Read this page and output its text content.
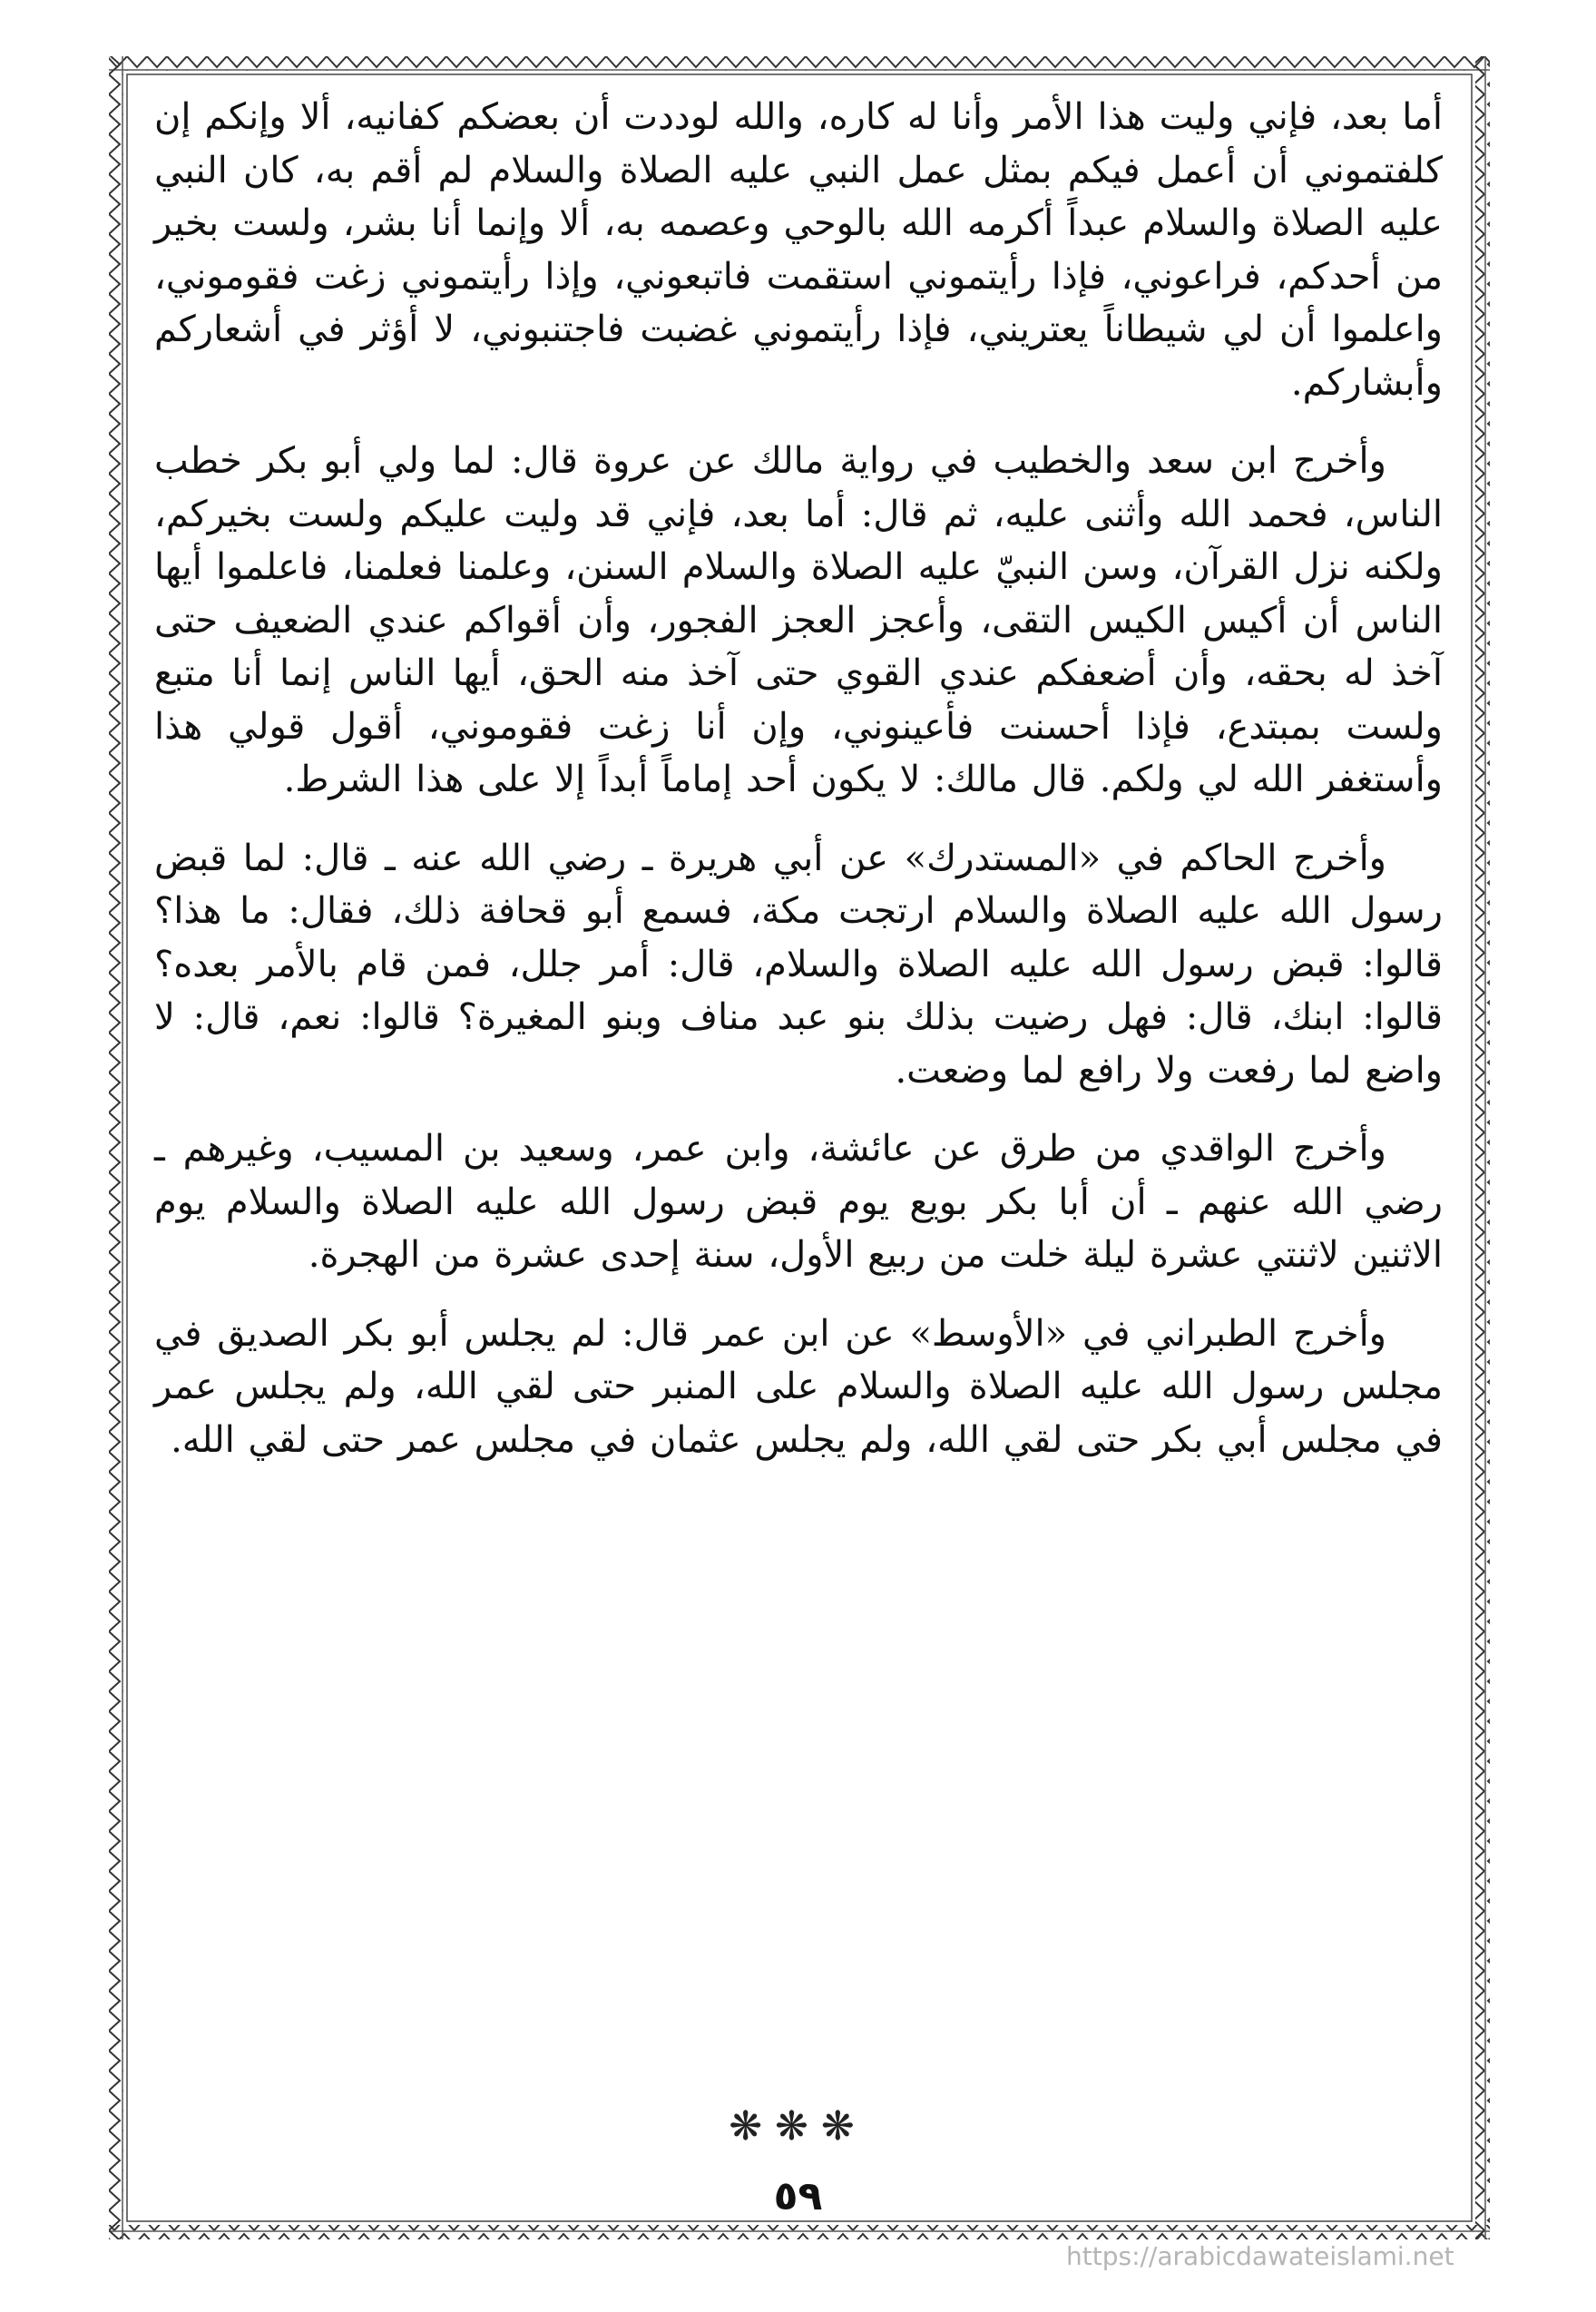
أما بعد، فإني وليت هذا الأمر وأنا له كاره، والله لوددت أن بعضكم كفانيه، ألا وإنكم إن كلفتموني أن أعمل فيكم بمثل عمل النبي عليه الصلاة والسلام لم أقم به، كان النبي عليه الصلاة والسلام عبداً أكرمه الله بالوحي وعصمه به، ألا وإنما أنا بشر، ولست بخير من أحدكم، فراعوني، فإذا رأيتموني استقمت فاتبعوني، وإذا رأيتموني زغت فقوموني، واعلموا أن لي شيطاناً يعتريني، فإذا رأيتموني غضبت فاجتنبوني، لا أؤثر في أشعاركم وأبشاركم.

وأخرج ابن سعد والخطيب في رواية مالك عن عروة قال: لما ولي أبو بكر خطب الناس، فحمد الله وأثنى عليه، ثم قال: أما بعد، فإني قد وليت عليكم ولست بخيركم، ولكنه نزل القرآن، وسن النبيّ عليه الصلاة والسلام السنن، وعلمنا فعلمنا، فاعلموا أيها الناس أن أكيس الكيس التقى، وأعجز العجز الفجور، وأن أقواكم عندي الضعيف حتى آخذ له بحقه، وأن أضعفكم عندي القوي حتى آخذ منه الحق، أيها الناس إنما أنا متبع ولست بمبتدع، فإذا أحسنت فأعينوني، وإن أنا زغت فقوموني، أقول قولي هذا وأستغفر الله لي ولكم. قال مالك: لا يكون أحد إماماً أبداً إلا على هذا الشرط.

وأخرج الحاكم في «المستدرك» عن أبي هريرة ـ رضي الله عنه ـ قال: لما قبض رسول الله عليه الصلاة والسلام ارتجت مكة، فسمع أبو قحافة ذلك، فقال: ما هذا؟ قالوا: قبض رسول الله عليه الصلاة والسلام، قال: أمر جلل، فمن قام بالأمر بعده؟ قالوا: ابنك، قال: فهل رضيت بذلك بنو عبد مناف وبنو المغيرة؟ قالوا: نعم، قال: لا واضع لما رفعت ولا رافع لما وضعت.

وأخرج الواقدي من طرق عن عائشة، وابن عمر، وسعيد بن المسيب، وغيرهم ـ رضي الله عنهم ـ أن أبا بكر بويع يوم قبض رسول الله عليه الصلاة والسلام يوم الاثنين لاثنتي عشرة ليلة خلت من ربيع الأول، سنة إحدى عشرة من الهجرة.

وأخرج الطبراني في «الأوسط» عن ابن عمر قال: لم يجلس أبو بكر الصديق في مجلس رسول الله عليه الصلاة والسلام على المنبر حتى لقي الله، ولم يجلس عمر في مجلس أبي بكر حتى لقي الله، ولم يجلس عثمان في مجلس عمر حتى لقي الله.

❋❋❋
٥٩
https://arabicdawateislami.net
